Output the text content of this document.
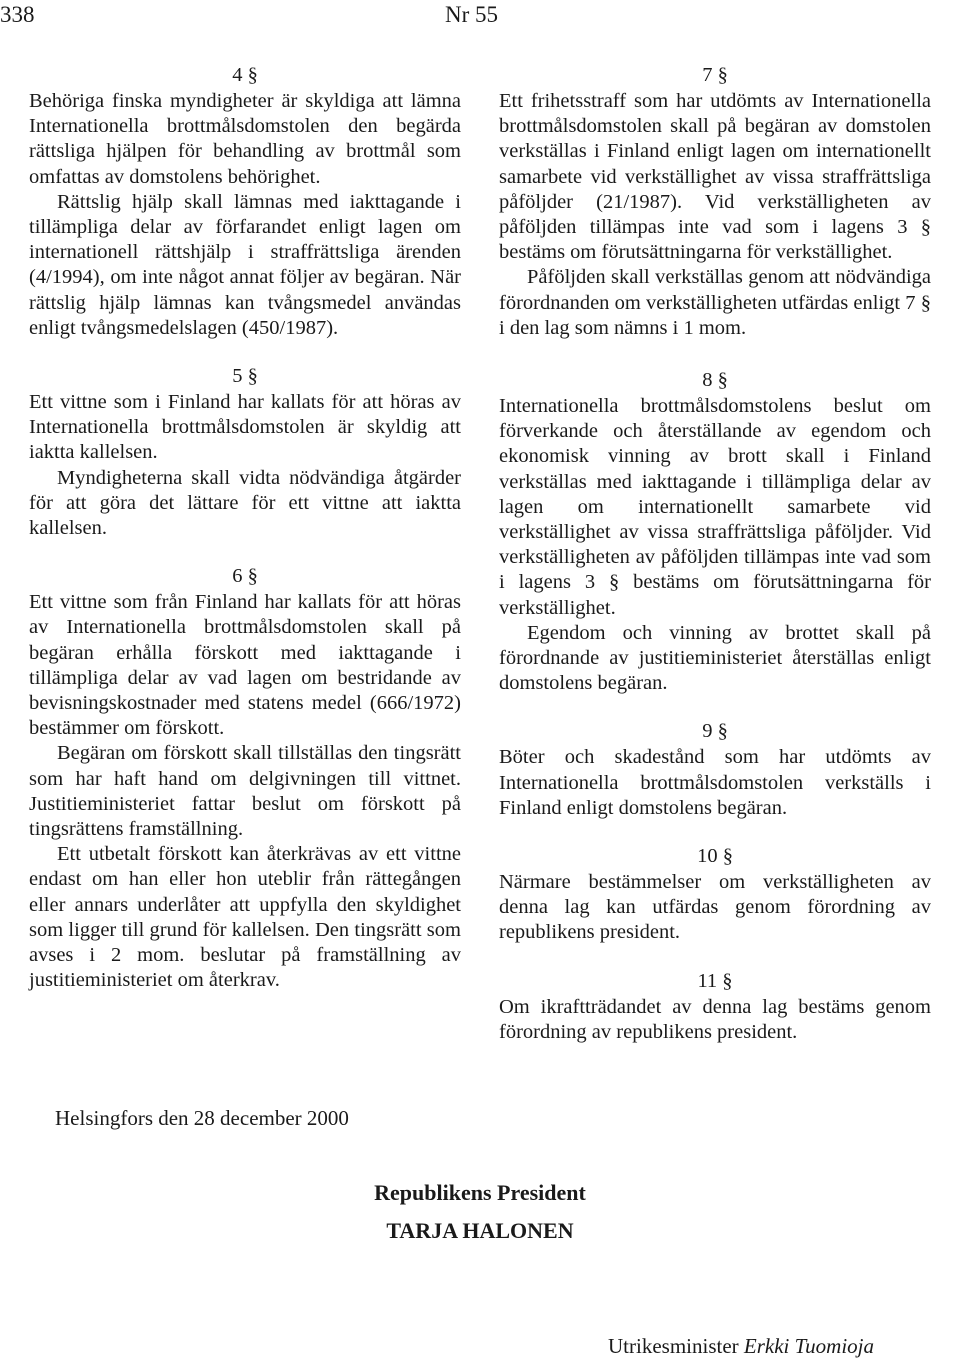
338	Nr 55

4 §

Behöriga finska myndigheter är skyldiga att lämna Internationella brottmålsdomstolen den begärda rättsliga hjälpen för behandling av brottmål som omfattas av domstolens behörighet.

Rättslig hjälp skall lämnas med iakttagande i tillämpliga delar av förfarandet enligt lagen om internationell rättshjälp i straffrättsliga ärenden (4/1994), om inte något annat följer av begäran. När rättslig hjälp lämnas kan tvångsmedel användas enligt tvångsmedelslagen (450/1987).

5 §

Ett vittne som i Finland har kallats för att höras av Internationella brottmålsdomstolen är skyldig att iaktta kallelsen.

Myndigheterna skall vidta nödvändiga åtgärder för att göra det lättare för ett vittne att iaktta kallelsen.

6 §

Ett vittne som från Finland har kallats för att höras av Internationella brottmålsdomstolen skall på begäran erhålla förskott med iakttagande i tillämpliga delar av vad lagen om bestridande av bevisningskostnader med statens medel (666/1972) bestämmer om förskott.

Begäran om förskott skall tillställas den tingsrätt som har haft hand om delgivningen till vittnet. Justitieministeriet fattar beslut om förskott på tingsrättens framställning.

Ett utbetalt förskott kan återkrävas av ett vittne endast om han eller hon uteblir från rättegången eller annars underlåter att uppfylla den skyldighet som ligger till grund för kallelsen. Den tingsrätt som avses i 2 mom. beslutar på framställning av justitieministeriet om återkrav.

7 §

Ett frihetsstraff som har utdömts av Internationella brottmålsdomstolen skall på begäran av domstolen verkställas i Finland enligt lagen om internationellt samarbete vid verkställighet av vissa straffrättsliga påföljder (21/1987). Vid verkställigheten av påföljden tillämpas inte vad som i lagens 3 § bestäms om förutsättningarna för verkställighet.

Påföljden skall verkställas genom att nödvändiga förordnanden om verkställigheten utfärdas enligt 7 § i den lag som nämns i 1 mom.

8 §

Internationella brottmålsdomstolens beslut om förverkande och återställande av egendom och ekonomisk vinning av brott skall i Finland verkställas med iakttagande i tillämpliga delar av lagen om internationellt samarbete vid verkställighet av vissa straffrättsliga påföljder. Vid verkställigheten av påföljden tillämpas inte vad som i lagens 3 § bestäms om förutsättningarna för verkställighet.

Egendom och vinning av brottet skall på förordnande av justitieministeriet återställas enligt domstolens begäran.

9 §

Böter och skadestånd som har utdömts av Internationella brottmålsdomstolen verkställs i Finland enligt domstolens begäran.

10 §

Närmare bestämmelser om verkställigheten av denna lag kan utfärdas genom förordning av republikens president.

11 §

Om ikraftträdandet av denna lag bestäms genom förordning av republikens president.

Helsingfors den 28 december 2000
Republikens President
TARJA HALONEN
Utrikesminister Erkki Tuomioja
